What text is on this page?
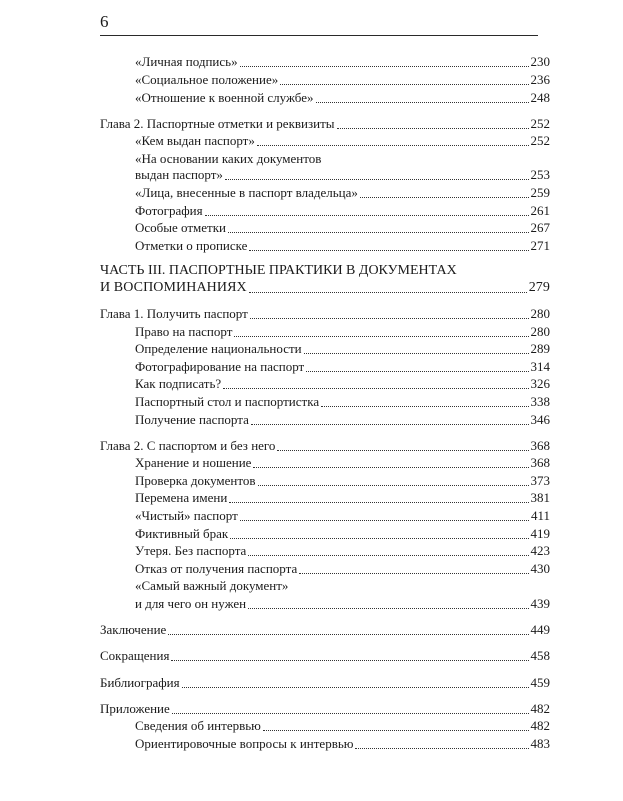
6
«Личная подпись»	230
«Социальное положение»	236
«Отношение к военной службе»	248
Глава 2. Паспортные отметки и реквизиты	252
«Кем выдан паспорт»	252
«На основании каких документов
выдан паспорт»	253
«Лица, внесенные в паспорт владельца»	259
Фотография	261
Особые отметки	267
Отметки о прописке	271
ЧАСТЬ III. ПАСПОРТНЫЕ ПРАКТИКИ В ДОКУМЕНТАХ
И ВОСПОМИНАНИЯХ	279
Глава 1. Получить паспорт	280
Право на паспорт	280
Определение национальности	289
Фотографирование на паспорт	314
Как подписать?	326
Паспортный стол и паспортистка	338
Получение паспорта	346
Глава 2. С паспортом и без него	368
Хранение и ношение	368
Проверка документов	373
Перемена имени	381
«Чистый» паспорт	411
Фиктивный брак	419
Утеря. Без паспорта	423
Отказ от получения паспорта	430
«Самый важный документ»
и для чего он нужен	439
Заключение	449
Сокращения	458
Библиография	459
Приложение	482
Сведения об интервью	482
Ориентировочные вопросы к интервью	483
